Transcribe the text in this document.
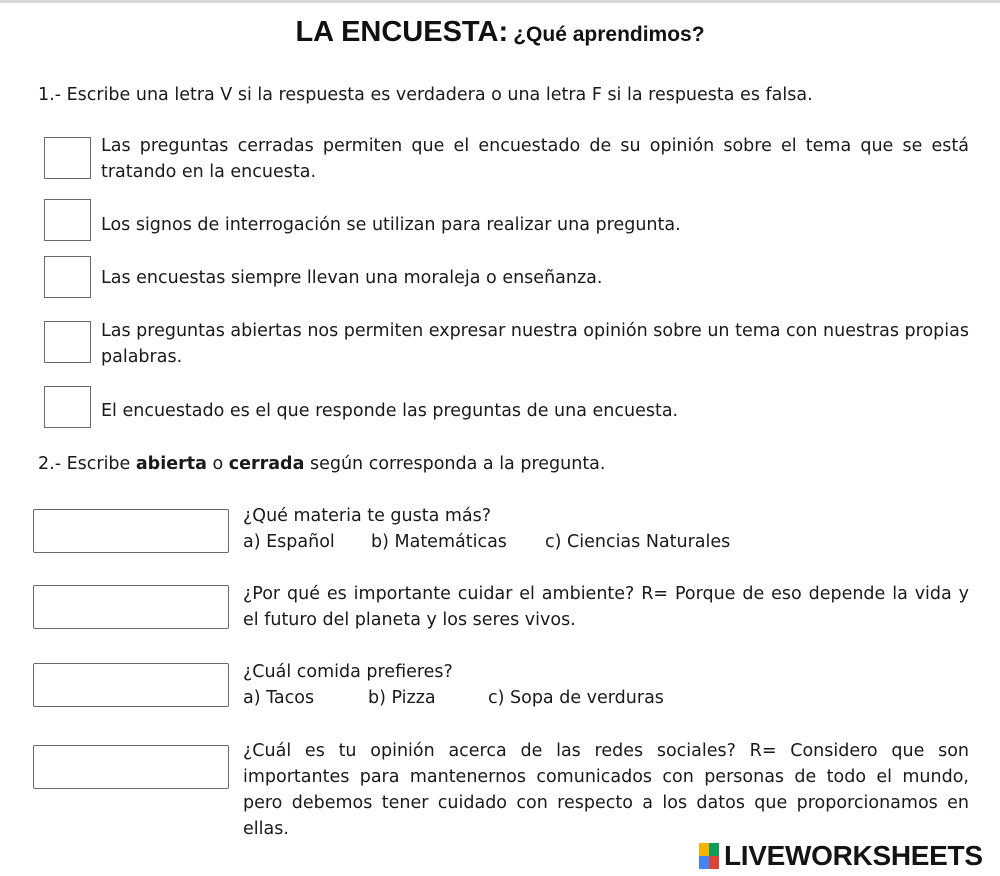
LA ENCUESTA: ¿Qué aprendimos?
1.- Escribe una letra V si la respuesta es verdadera o una letra F si la respuesta es falsa.
Las preguntas cerradas permiten que el encuestado de su opinión sobre el tema que se está tratando en la encuesta.
Los signos de interrogación se utilizan para realizar una pregunta.
Las encuestas siempre llevan una moraleja o enseñanza.
Las preguntas abiertas nos permiten expresar nuestra opinión sobre un tema con nuestras propias palabras.
El encuestado es el que responde las preguntas de una encuesta.
2.- Escribe abierta o cerrada según corresponda a la pregunta.
¿Qué materia te gusta más?
a) Español b) Matemáticas c) Ciencias Naturales
¿Por qué es importante cuidar el ambiente? R= Porque de eso depende la vida y el futuro del planeta y los seres vivos.
¿Cuál comida prefieres?
a) Tacos	b) Pizza	c) Sopa de verduras
¿Cuál es tu opinión acerca de las redes sociales? R= Considero que son importantes para mantenernos comunicados con personas de todo el mundo, pero debemos tener cuidado con respecto a los datos que proporcionamos en ellas.
LIVEWORKSHEETS
